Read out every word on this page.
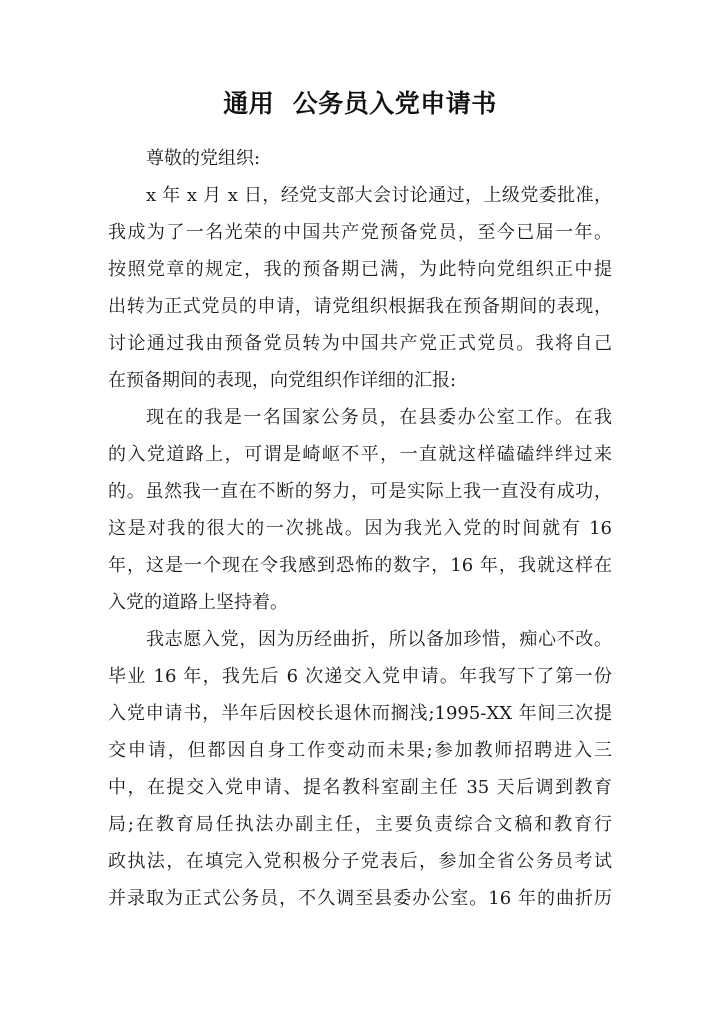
通用  公务员入党申请书
尊敬的党组织:
x 年 x 月 x 日，经党支部大会讨论通过，上级党委批准，
我成为了一名光荣的中国共产党预备党员，至今已届一年。
按照党章的规定，我的预备期已满，为此特向党组织正中提
出转为正式党员的申请，请党组织根据我在预备期间的表现，
讨论通过我由预备党员转为中国共产党正式党员。我将自己
在预备期间的表现，向党组织作详细的汇报:
现在的我是一名国家公务员，在县委办公室工作。在我
的入党道路上，可谓是崎岖不平，一直就这样磕磕绊绊过来
的。虽然我一直在不断的努力，可是实际上我一直没有成功，
这是对我的很大的一次挑战。因为我光入党的时间就有 16
年，这是一个现在令我感到恐怖的数字，16 年，我就这样在
入党的道路上坚持着。
我志愿入党，因为历经曲折，所以备加珍惜，痴心不改。
毕业 16 年，我先后 6 次递交入党申请。年我写下了第一份
入党申请书，半年后因校长退休而搁浅;1995-XX 年间三次提
交申请，但都因自身工作变动而未果;参加教师招聘进入三
中，在提交入党申请、提名教科室副主任 35 天后调到教育
局;在教育局任执法办副主任，主要负责综合文稿和教育行
政执法，在填完入党积极分子党表后，参加全省公务员考试
并录取为正式公务员，不久调至县委办公室。16 年的曲折历
